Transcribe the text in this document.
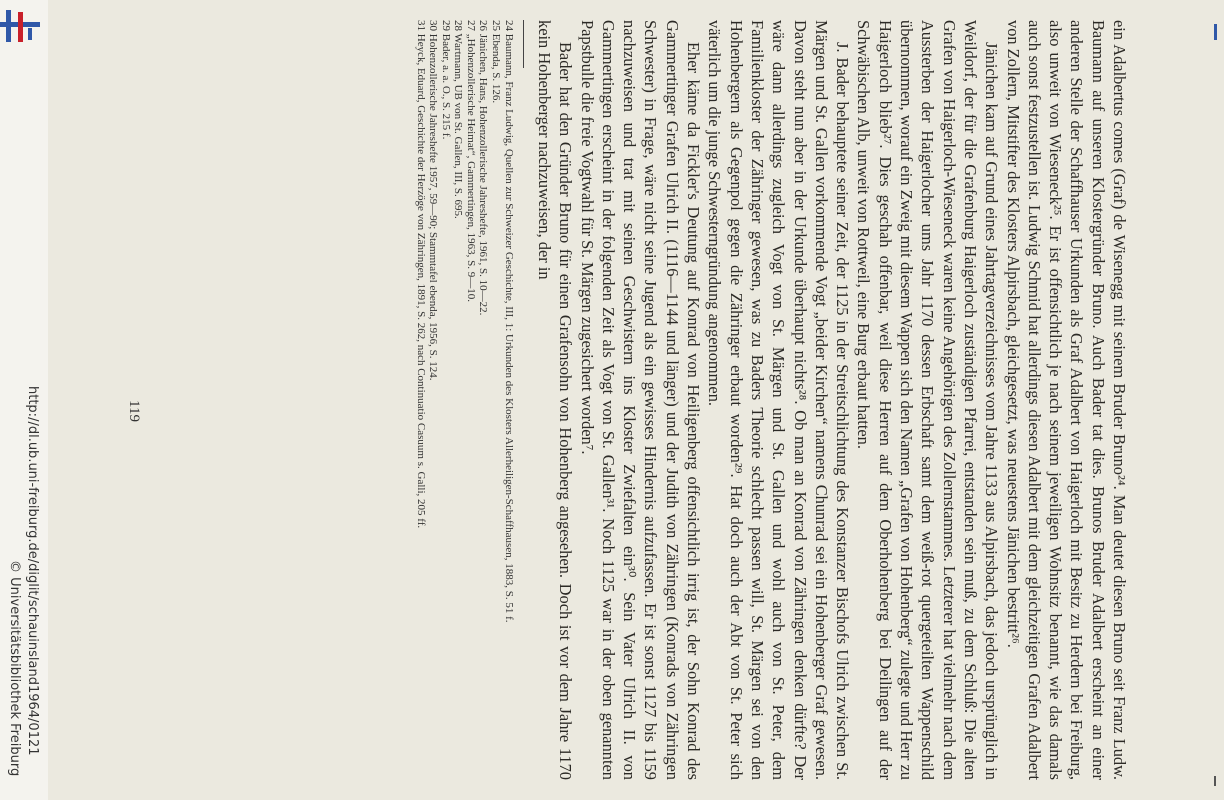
http://dl.ub.uni-freiburg.de/diglit/schauinsland1964/0121
© Universitätsbibliothek Freiburg	ein Adalbertus comes (Graf) de Wisenegg mit seinem Bruder Bruno²⁴. Man deutet diesen Bruno seit Franz Ludw. Baumann auf unseren Klostergründer Bruno. Auch Bader tat dies. Brunos Bruder Adalbert erscheint an einer anderen Stelle der Schaffhauser Urkunden als Graf Adalbert von Haigerloch mit Besitz zu Herdern bei Freiburg, also unweit von Wieseneck²⁵. Er ist offensichtlich je nach seinem jeweiligen Wohnsitz benannt, wie das damals auch sonst festzustellen ist. Ludwig Schmid hat allerdings diesen Adalbert mit dem gleichzeitigen Grafen Adalbert von Zollern, Mitstifter des Klosters Alpirsbach, gleichgesetzt, was neuestens Jänichen bestritt²⁶.

Jänichen kam auf Grund eines Jahrtagverzeichnisses vom Jahre 1133 aus Alpirsbach, das jedoch ursprünglich in Weildorf, der für die Grafenburg Haigerloch zuständigen Pfarrei, entstanden sein muß, zu dem Schluß: Die alten Grafen von Haigerloch-Wieseneck waren keine Angehörigen des Zollernstammes. Letzterer hat vielmehr nach dem Aussterben der Haigerlocher ums Jahr 1170 dessen Erbschaft samt dem weiß-rot quergeteilten Wappenschild übernommen, worauf ein Zweig mit diesem Wappen sich den Namen „Grafen von Hohenberg“ zulegte und Herr zu Haigerloch blieb²⁷. Dies geschah offenbar, weil diese Herren auf dem Oberhohenberg bei Deilingen auf der Schwäbischen Alb, unweit von Rottweil, eine Burg erbaut hatten.

J. Bader behauptete seiner Zeit, der 1125 in der Streitschlichtung des Konstanzer Bischofs Ulrich zwischen St. Märgen und St. Gallen vorkommende Vogt „beider Kirchen“ namens Chunrad sei ein Hohenberger Graf gewesen. Davon steht nun aber in der Urkunde überhaupt nichts²⁸. Ob man an Konrad von Zähringen denken dürfte? Der wäre dann allerdings zugleich Vogt von St. Märgen und St. Gallen und wohl auch von St. Peter, dem Familienkloster der Zähringer gewesen, was zu Baders Theorie schlecht passen will, St. Märgen sei von den Hohenbergern als Gegenpol gegen die Zähringer erbaut worden²⁹. Hat doch auch der Abt von St. Peter sich väterlich um die junge Schwesterngründung angenommen.

Eher käme da Fickler's Deutung auf Konrad von Heiligenberg offensichtlich irrig ist, der Sohn Konrad des Gammertinger Grafen Ulrich II. (1116—1144 und länger) und der Judith von Zähringen (Konrads von Zähringen Schwester) in Frage, wäre nicht seine Jugend als ein gewisses Hindernis aufzufassen. Er ist sonst 1127 bis 1159 nachzuweisen und trat mit seinen Geschwistern ins Kloster Zwiefalten ein³⁰. Sein Vater Ulrich II. von Gammertingen erscheint in der folgenden Zeit als Vogt von St. Gallen³¹. Noch 1125 war in der oben genannten Papstbulle die freie Vogtwahl für St. Märgen zugesichert worden⁷.

Bader hat den Gründer Bruno für einen Grafensohn von Hohenberg angesehen. Doch ist vor dem Jahre 1170 kein Hohenberger nachzuweisen, der in

24 Baumann, Franz Ludwig, Quellen zur Schweizer Geschichte, III, 1: Urkunden des Klosters Allerheiligen-Schaffhausen, 1883, S. 51 f.

25 Ebenda, S. 126.

26 Jänichen, Hans, Hohenzollerische Jahreshefte, 1961, S. 10—22.

27 „Hohenzollerische Heimat“, Gammertingen, 1963, S. 9—10.

28 Wartmann, UB von St. Gallen, III, S. 695.

29 Bader, a. a. O., S. 215 f.

30 Hohenzollerische Jahreshefte 1957, 59—90; Stammtafel ebenda, 1956, S. 124.

31 Heyck, Eduard, Geschichte der Herzöge von Zähringen, 1891, S. 262, nach Continuatio Casuum s. Galli, 205 ff.

119
